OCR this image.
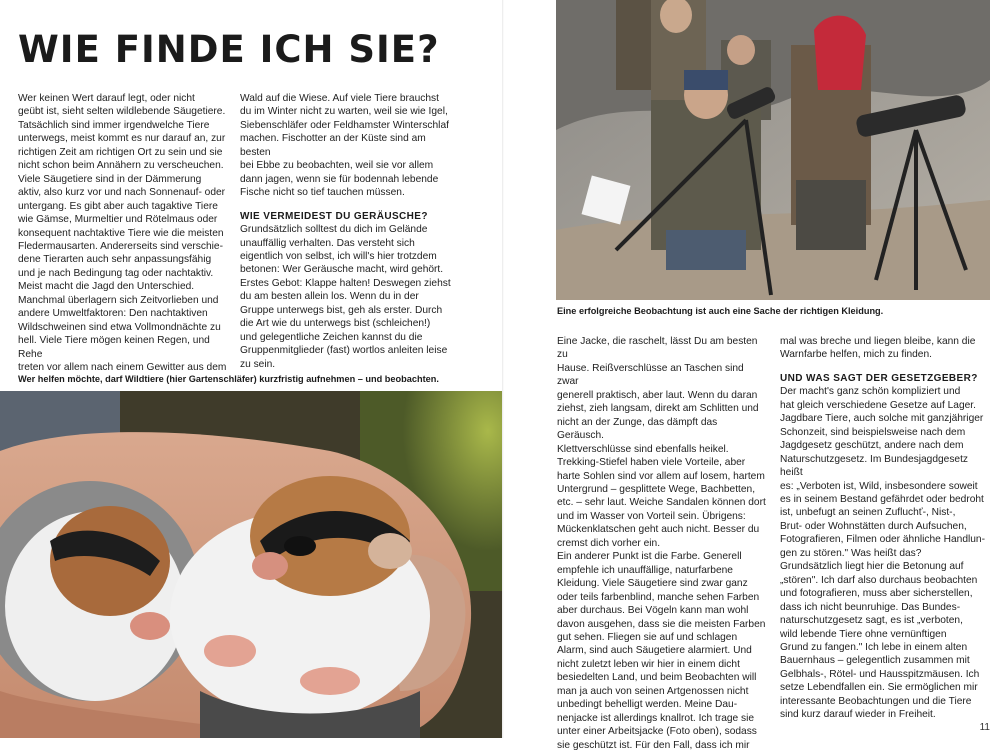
WIE FINDE ICH SIE?

Wer keinen Wert darauf legt, oder nicht

geübt ist, sieht selten wildlebende Säugetiere.

Tatsächlich sind immer irgendwelche Tiere

unterwegs, meist kommt es nur darauf an, zur

richtigen Zeit am richtigen Ort zu sein und sie

nicht schon beim Annähern zu verscheuchen.

Viele Säugetiere sind in der Dämmerung

aktiv, also kurz vor und nach Sonnenauf- oder

untergang. Es gibt aber auch tagaktive Tiere

wie Gämse, Murmeltier und Rötelmaus oder

konsequent nachtaktive Tiere wie die meisten

Fledermausarten. Andererseits sind verschie-

dene Tierarten auch sehr anpassungsfähig

und je nach Bedingung tag oder nachtaktiv.

Meist macht die Jagd den Unterschied.

Manchmal überlagern sich Zeitvorlieben und

andere Umweltfaktoren: Den nachtaktiven

Wildschweinen sind etwa Vollmondnächte zu

hell. Viele Tiere mögen keinen Regen, und Rehe

treten vor allem nach einem Gewitter aus dem

Wald auf die Wiese. Auf viele Tiere brauchst

du im Winter nicht zu warten, weil sie wie Igel,

Siebenschläfer oder Feldhamster Winterschlaf

machen. Fischotter an der Küste sind am besten

bei Ebbe zu beobachten, weil sie vor allem

dann jagen, wenn sie für bodennah lebende

Fische nicht so tief tauchen müssen.

WIE VERMEIDEST DU GERÄUSCHE?

Grundsätzlich solltest du dich im Gelände

unauffällig verhalten. Das versteht sich

eigentlich von selbst, ich will's hier trotzdem

betonen: Wer Geräusche macht, wird gehört.

Erstes Gebot: Klappe halten! Deswegen ziehst

du am besten allein los. Wenn du in der

Gruppe unterwegs bist, geh als erster. Durch

die Art wie du unterwegs bist (schleichen!)

und gelegentliche Zeichen kannst du die

Gruppenmitglieder (fast) wortlos anleiten leise

zu sein.

Wer helfen möchte, darf Wildtiere (hier Gartenschläfer) kurzfristig aufnehmen – und beobachten.
Eine erfolgreiche Beobachtung ist auch eine Sache der richtigen Kleidung.

Eine Jacke, die raschelt, lässt Du am besten zu

Hause. Reißverschlüsse an Taschen sind zwar

generell praktisch, aber laut. Wenn du daran

ziehst, zieh langsam, direkt am Schlitten und

nicht an der Zunge, das dämpft das Geräusch.

Klettverschlüsse sind ebenfalls heikel.

Trekking-Stiefel haben viele Vorteile, aber

harte Sohlen sind vor allem auf losem, hartem

Untergrund – gesplittete Wege, Bachbetten,

etc. – sehr laut. Weiche Sandalen können dort

und im Wasser von Vorteil sein. Übrigens:

Mückenklatschen geht auch nicht. Besser du

cremst dich vorher ein.

Ein anderer Punkt ist die Farbe. Generell

empfehle ich unauffällige, naturfarbene

Kleidung. Viele Säugetiere sind zwar ganz

oder teils farbenblind, manche sehen Farben

aber durchaus. Bei Vögeln kann man wohl

davon ausgehen, dass sie die meisten Farben

gut sehen. Fliegen sie auf und schlagen

Alarm, sind auch Säugetiere alarmiert. Und

nicht zuletzt leben wir hier in einem dicht

besiedelten Land, und beim Beobachten will

man ja auch von seinen Artgenossen nicht

unbedingt behelligt werden. Meine Dau-

nenjacke ist allerdings knallrot. Ich trage sie

unter einer Arbeitsjacke (Foto oben), sodass

sie geschützt ist. Für den Fall, dass ich mir

mal was breche und liegen bleibe, kann die

Warnfarbe helfen, mich zu finden.

UND WAS SAGT DER GESETZGEBER?

Der macht's ganz schön kompliziert und

hat gleich verschiedene Gesetze auf Lager.

Jagdbare Tiere, auch solche mit ganzjähriger

Schonzeit, sind beispielsweise nach dem

Jagdgesetz geschützt, andere nach dem

Naturschutzgesetz. Im Bundesjagdgesetz heißt

es: „Verboten ist, Wild, insbesondere soweit

es in seinem Bestand gefährdet oder bedroht

ist, unbefugt an seinen Zufluchť-, Nist-,

Brut- oder Wohnstätten durch Aufsuchen,

Fotografieren, Filmen oder ähnliche Handlun-

gen zu stören." Was heißt das?

Grundsätzlich liegt hier die Betonung auf

„stören". Ich darf also durchaus beobachten

und fotografieren, muss aber sicherstellen,

dass ich nicht beunruhige. Das Bundes-

naturschutzgesetz sagt, es ist „verboten,

wild lebende Tiere ohne vernünftigen

Grund zu fangen." Ich lebe in einem alten

Bauernhaus – gelegentlich zusammen mit

Gelbhals-, Rötel- und Hausspitzmäusen. Ich

setze Lebendfallen ein. Sie ermöglichen mir

interessante Beobachtungen und die Tiere

sind kurz darauf wieder in Freiheit.

11
